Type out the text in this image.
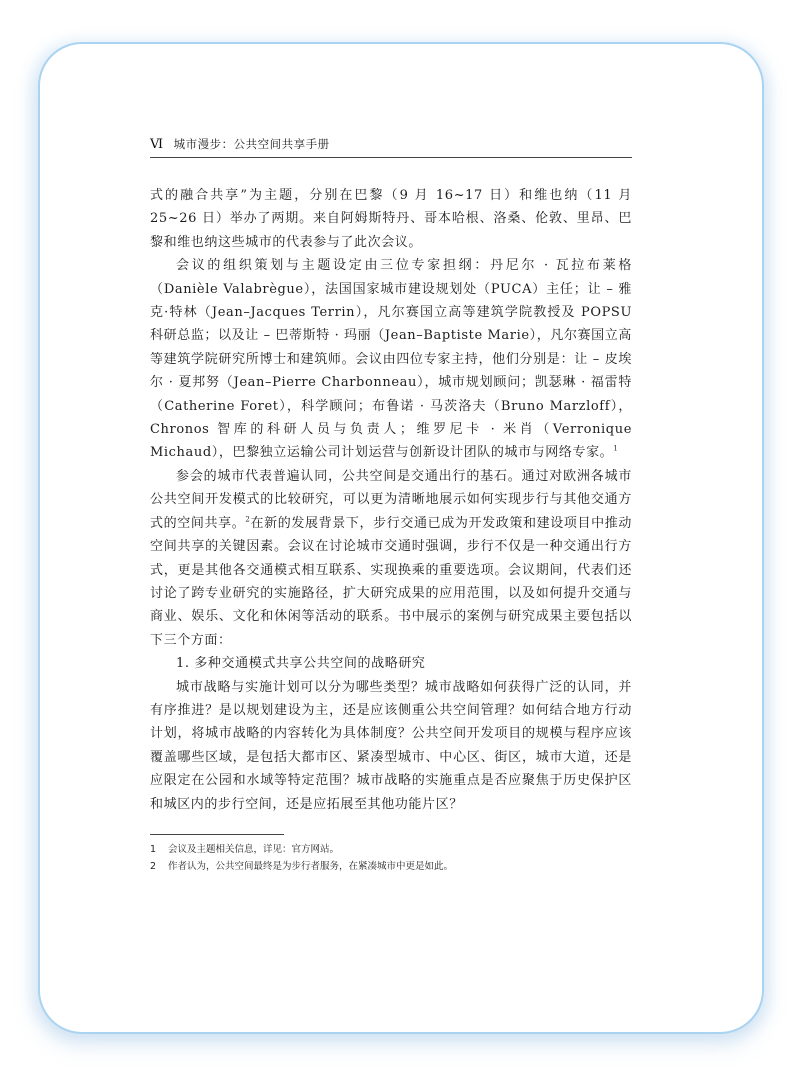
Ⅵ 城市漫步：公共空间共享手册

式的融合共享”为主题，分别在巴黎（9 月 16~17 日）和维也纳（11 月 25~26 日）举办了两期。来自阿姆斯特丹、哥本哈根、洛桑、伦敦、里昂、巴黎和维也纳这些城市的代表参与了此次会议。

会议的组织策划与主题设定由三位专家担纲：丹尼尔 · 瓦拉布莱格（Danièle Valabrègue），法国国家城市建设规划处（PUCA）主任；让 – 雅克·特林（Jean–Jacques Terrin），凡尔赛国立高等建筑学院教授及 POPSU 科研总监；以及让 – 巴蒂斯特 · 玛丽（Jean–Baptiste Marie），凡尔赛国立高等建筑学院研究所博士和建筑师。会议由四位专家主持，他们分别是：让 – 皮埃尔 · 夏邦努（Jean–Pierre Charbonneau），城市规划顾问；凯瑟琳 · 福雷特（Catherine Foret），科学顾问；布鲁诺 · 马茨洛夫（Bruno Marzloff），Chronos 智库的科研人员与负责人；维罗尼卡 · 米肖（Verronique Michaud），巴黎独立运输公司计划运营与创新设计团队的城市与网络专家。$^1$

参会的城市代表普遍认同，公共空间是交通出行的基石。通过对欧洲各城市公共空间开发模式的比较研究，可以更为清晰地展示如何实现步行与其他交通方式的空间共享。$^2$在新的发展背景下，步行交通已成为开发政策和建设项目中推动空间共享的关键因素。会议在讨论城市交通时强调，步行不仅是一种交通出行方式，更是其他各交通模式相互联系、实现换乘的重要选项。会议期间，代表们还讨论了跨专业研究的实施路径，扩大研究成果的应用范围，以及如何提升交通与商业、娱乐、文化和休闲等活动的联系。书中展示的案例与研究成果主要包括以下三个方面：

1. 多种交通模式共享公共空间的战略研究

城市战略与实施计划可以分为哪些类型？城市战略如何获得广泛的认同，并有序推进？是以规划建设为主，还是应该侧重公共空间管理？如何结合地方行动计划，将城市战略的内容转化为具体制度？公共空间开发项目的规模与程序应该覆盖哪些区域，是包括大都市区、紧凑型城市、中心区、街区，城市大道，还是应限定在公园和水域等特定范围？城市战略的实施重点是否应聚焦于历史保护区和城区内的步行空间，还是应拓展至其他功能片区？

1	会议及主题相关信息，详见：官方网站。
2	作者认为，公共空间最终是为步行者服务，在紧凑城市中更是如此。
